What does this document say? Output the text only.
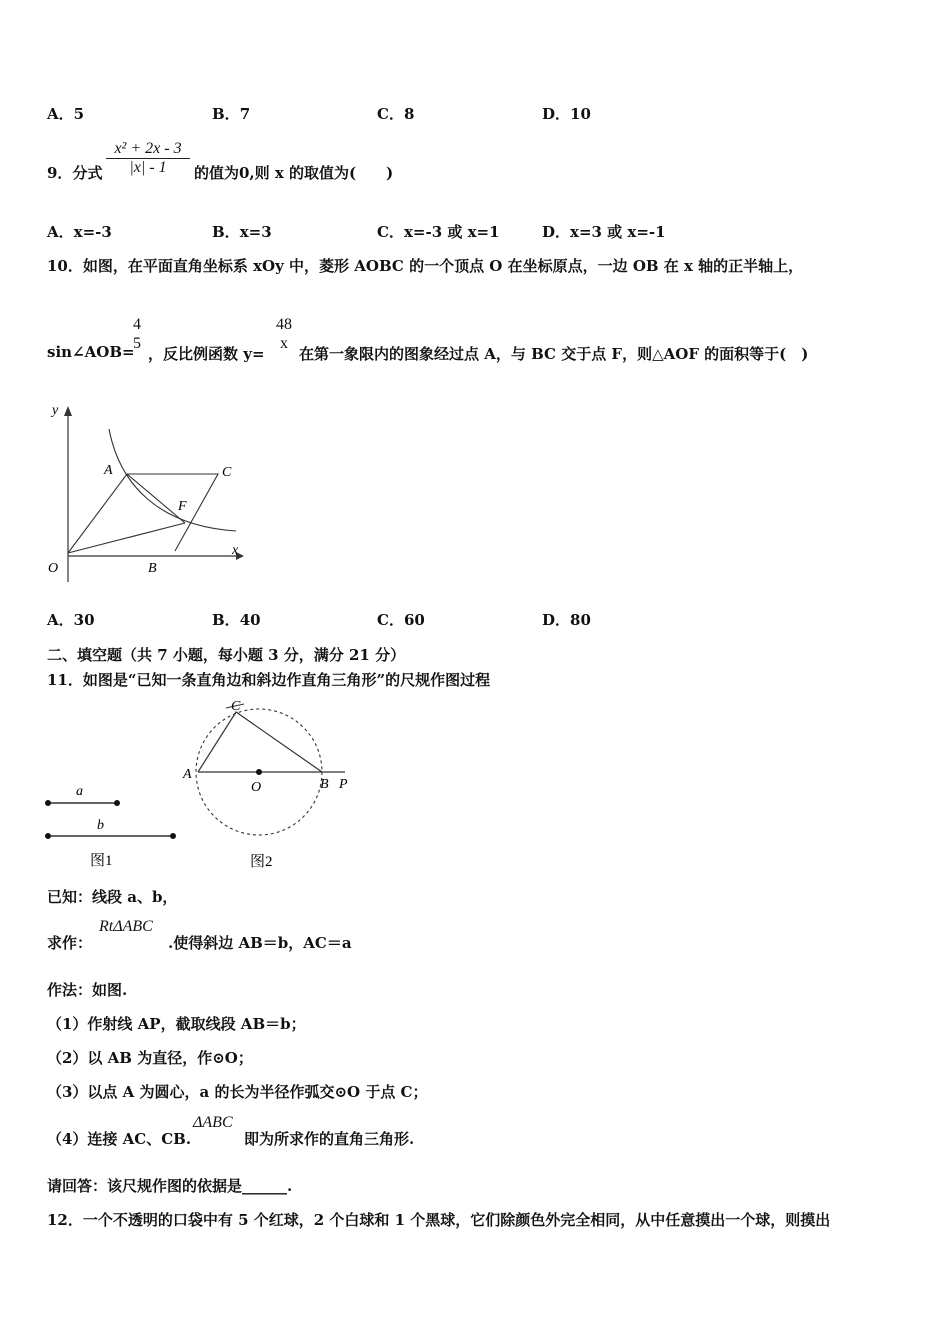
A．5	B．7	C．8	D．10
9．分式
x² + 2x - 3
|x| - 1	的值为0,则 x 的取值为(　　)
A．x=-3	B．x=3	C．x=-3 或 x=1	D．x=3 或 x=-1
10．如图，在平面直角坐标系 xOy 中，菱形 AOBC 的一个顶点 O 在坐标原点，一边 OB 在 x 轴的正半轴上，
sin∠AOB=
4
5
，反比例函数 y=
48
x
在第一象限内的图象经过点 A，与 BC 交于点 F，则△AOF 的面积等于(　)
y
x
O
A	C
F
B
A．30	B．40	C．60	D．80
二、填空题（共 7 小题，每小题 3 分，满分 21 分）
11．如图是“已知一条直角边和斜边作直角三角形”的尺规作图过程
a
b
图1
A
C
O	B P
图2
已知：线段 a、b，
求作：
RtΔABC
.使得斜边 AB＝b，AC＝a
作法：如图.
（1）作射线 AP，截取线段 AB＝b；
（2）以 AB 为直径，作⊙O；
（3）以点 A 为圆心，a 的长为半径作弧交⊙O 于点 C；
（4）连接 AC、CB.
ΔABC
即为所求作的直角三角形.
请回答：该尺规作图的依据是______.
12．一个不透明的口袋中有 5 个红球，2 个白球和 1 个黑球，它们除颜色外完全相同，从中任意摸出一个球，则摸出
